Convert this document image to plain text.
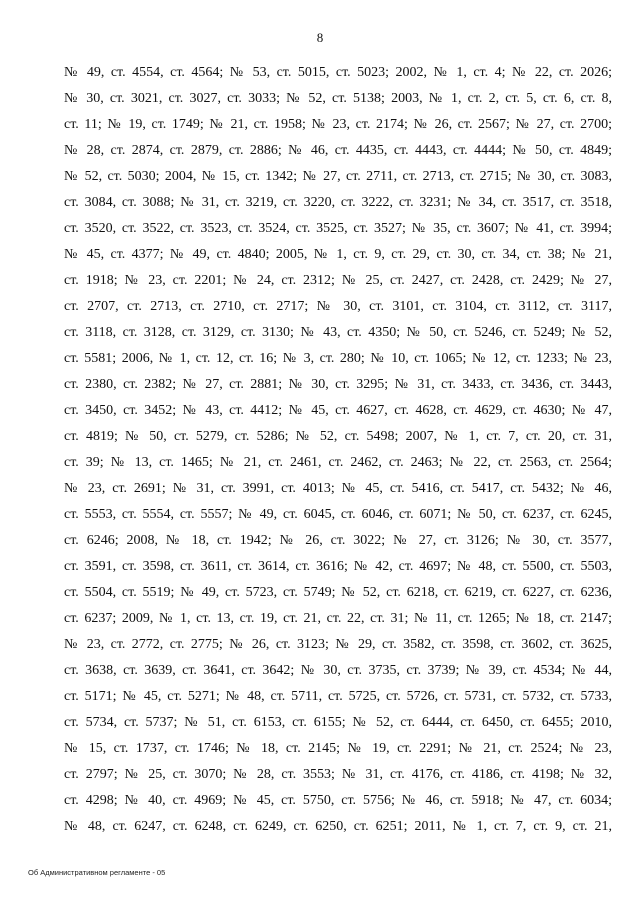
8
№ 49, ст. 4554, ст. 4564; № 53, ст. 5015, ст. 5023; 2002, № 1, ст. 4; № 22, ст. 2026;
№ 30, ст. 3021, ст. 3027, ст. 3033; № 52, ст. 5138; 2003, № 1, ст. 2, ст. 5, ст. 6, ст. 8,
ст. 11; № 19, ст. 1749; № 21, ст. 1958; № 23, ст. 2174; № 26, ст. 2567; № 27, ст. 2700;
№ 28, ст. 2874, ст. 2879, ст. 2886; № 46, ст. 4435, ст. 4443, ст. 4444; № 50, ст. 4849;
№ 52, ст. 5030; 2004, № 15, ст. 1342; № 27, ст. 2711, ст. 2713, ст. 2715; № 30, ст. 3083,
ст. 3084, ст. 3088; № 31, ст. 3219, ст. 3220, ст. 3222, ст. 3231; № 34, ст. 3517, ст. 3518,
ст. 3520, ст. 3522, ст. 3523, ст. 3524, ст. 3525, ст. 3527; № 35, ст. 3607; № 41, ст. 3994;
№ 45, ст. 4377; № 49, ст. 4840; 2005, № 1, ст. 9, ст. 29, ст. 30, ст. 34, ст. 38; № 21,
ст. 1918; № 23, ст. 2201; № 24, ст. 2312; № 25, ст. 2427, ст. 2428, ст. 2429; № 27,
ст. 2707, ст. 2713, ст. 2710, ст. 2717; № 30, ст. 3101, ст. 3104, ст. 3112, ст. 3117,
ст. 3118, ст. 3128, ст. 3129, ст. 3130; № 43, ст. 4350; № 50, ст. 5246, ст. 5249; № 52,
ст. 5581; 2006, № 1, ст. 12, ст. 16; № 3, ст. 280; № 10, ст. 1065; № 12, ст. 1233; № 23,
ст. 2380, ст. 2382; № 27, ст. 2881; № 30, ст. 3295; № 31, ст. 3433, ст. 3436, ст. 3443,
ст. 3450, ст. 3452; № 43, ст. 4412; № 45, ст. 4627, ст. 4628, ст. 4629, ст. 4630; № 47,
ст. 4819; № 50, ст. 5279, ст. 5286; № 52, ст. 5498; 2007, № 1, ст. 7, ст. 20, ст. 31,
ст. 39; № 13, ст. 1465; № 21, ст. 2461, ст. 2462, ст. 2463; № 22, ст. 2563, ст. 2564;
№ 23, ст. 2691; № 31, ст. 3991, ст. 4013; № 45, ст. 5416, ст. 5417, ст. 5432; № 46,
ст. 5553, ст. 5554, ст. 5557; № 49, ст. 6045, ст. 6046, ст. 6071; № 50, ст. 6237, ст. 6245,
ст. 6246; 2008, № 18, ст. 1942; № 26, ст. 3022; № 27, ст. 3126; № 30, ст. 3577,
ст. 3591, ст. 3598, ст. 3611, ст. 3614, ст. 3616; № 42, ст. 4697; № 48, ст. 5500, ст. 5503,
ст. 5504, ст. 5519; № 49, ст. 5723, ст. 5749; № 52, ст. 6218, ст. 6219, ст. 6227, ст. 6236,
ст. 6237; 2009, № 1, ст. 13, ст. 19, ст. 21, ст. 22, ст. 31; № 11, ст. 1265; № 18, ст. 2147;
№ 23, ст. 2772, ст. 2775; № 26, ст. 3123; № 29, ст. 3582, ст. 3598, ст. 3602, ст. 3625,
ст. 3638, ст. 3639, ст. 3641, ст. 3642; № 30, ст. 3735, ст. 3739; № 39, ст. 4534; № 44,
ст. 5171; № 45, ст. 5271; № 48, ст. 5711, ст. 5725, ст. 5726, ст. 5731, ст. 5732, ст. 5733,
ст. 5734, ст. 5737; № 51, ст. 6153, ст. 6155; № 52, ст. 6444, ст. 6450, ст. 6455; 2010,
№ 15, ст. 1737, ст. 1746; № 18, ст. 2145; № 19, ст. 2291; № 21, ст. 2524; № 23,
ст. 2797; № 25, ст. 3070; № 28, ст. 3553; № 31, ст. 4176, ст. 4186, ст. 4198; № 32,
ст. 4298; № 40, ст. 4969; № 45, ст. 5750, ст. 5756; № 46, ст. 5918; № 47, ст. 6034;
№ 48, ст. 6247, ст. 6248, ст. 6249, ст. 6250, ст. 6251; 2011, № 1, ст. 7, ст. 9, ст. 21,
Об Административном регламенте - 05
